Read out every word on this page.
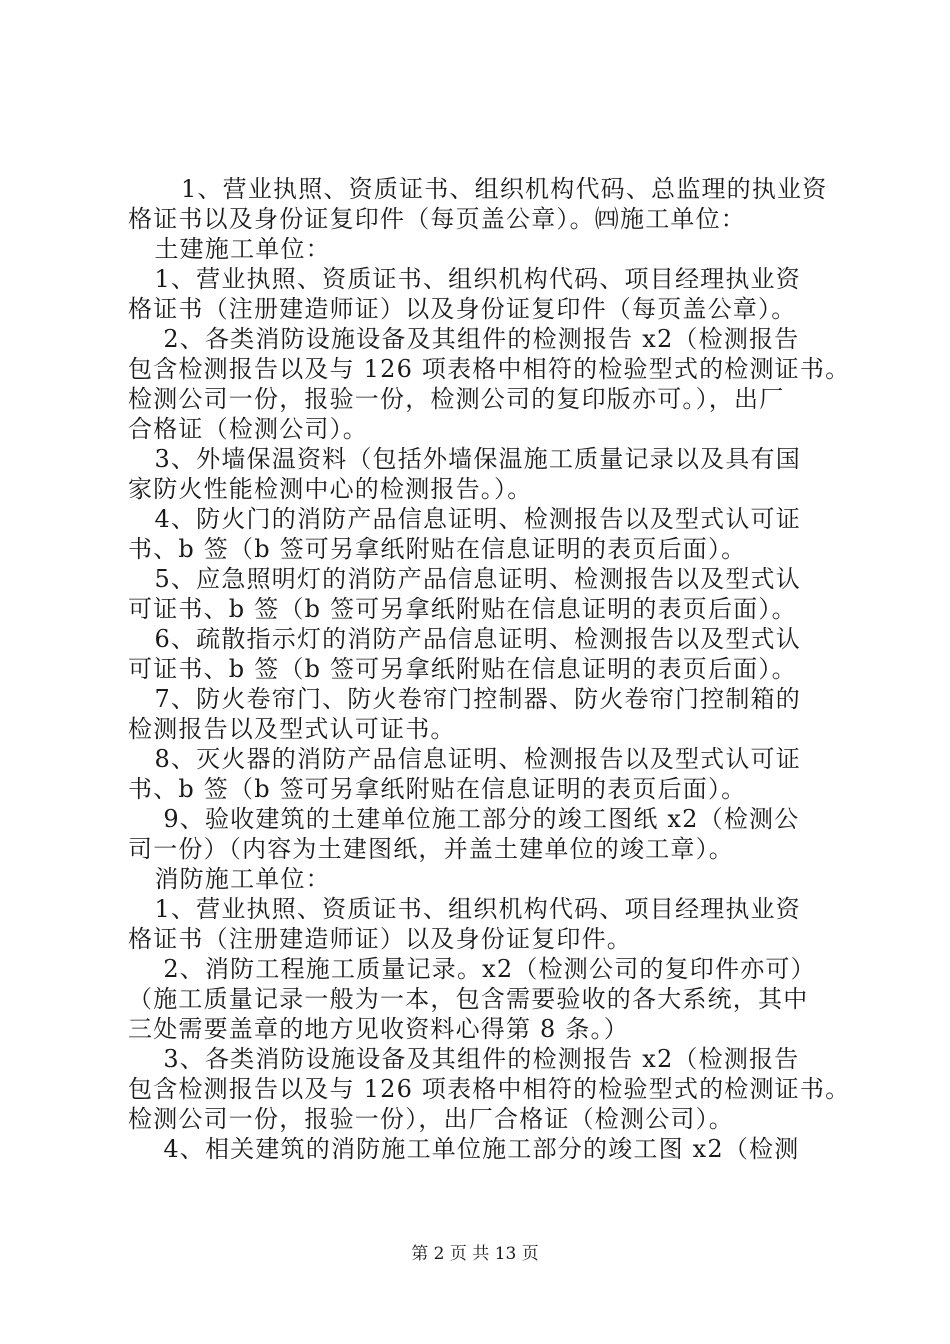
1、营业执照、资质证书、组织机构代码、总监理的执业资
格证书以及身份证复印件（每页盖公章）。㈣施工单位：
土建施工单位：
1、营业执照、资质证书、组织机构代码、项目经理执业资
格证书（注册建造师证）以及身份证复印件（每页盖公章）。
2、各类消防设施设备及其组件的检测报告 x2（检测报告
包含检测报告以及与 126 项表格中相符的检验型式的检测证书。
检测公司一份，报验一份，检测公司的复印版亦可。），出厂
合格证（检测公司）。
3、外墙保温资料（包括外墙保温施工质量记录以及具有国
家防火性能检测中心的检测报告。）。
4、防火门的消防产品信息证明、检测报告以及型式认可证
书、b 签（b 签可另拿纸附贴在信息证明的表页后面）。
5、应急照明灯的消防产品信息证明、检测报告以及型式认
可证书、b 签（b 签可另拿纸附贴在信息证明的表页后面）。
6、疏散指示灯的消防产品信息证明、检测报告以及型式认
可证书、b 签（b 签可另拿纸附贴在信息证明的表页后面）。
7、防火卷帘门、防火卷帘门控制器、防火卷帘门控制箱的
检测报告以及型式认可证书。
8、灭火器的消防产品信息证明、检测报告以及型式认可证
书、b 签（b 签可另拿纸附贴在信息证明的表页后面）。
9、验收建筑的土建单位施工部分的竣工图纸 x2（检测公
司一份）（内容为土建图纸，并盖土建单位的竣工章）。
消防施工单位：
1、营业执照、资质证书、组织机构代码、项目经理执业资
格证书（注册建造师证）以及身份证复印件。
2、消防工程施工质量记录。x2（检测公司的复印件亦可）
（施工质量记录一般为一本，包含需要验收的各大系统，其中
三处需要盖章的地方见收资料心得第 8 条。）
3、各类消防设施设备及其组件的检测报告 x2（检测报告
包含检测报告以及与 126 项表格中相符的检验型式的检测证书。
检测公司一份，报验一份），出厂合格证（检测公司）。
4、相关建筑的消防施工单位施工部分的竣工图 x2（检测
第 2 页 共 13 页
